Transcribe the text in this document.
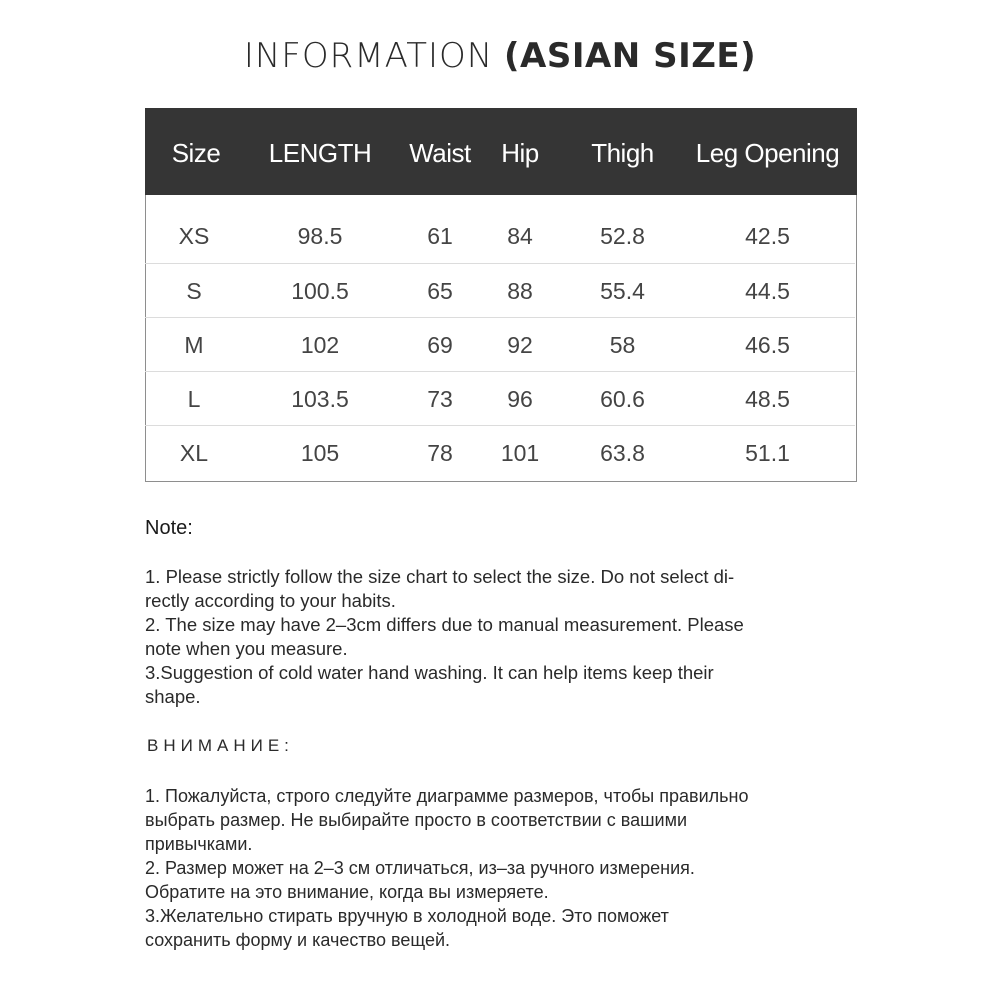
INFORMATION (ASIAN SIZE)
Size	LENGTH	Waist	Hip	Thigh	Leg Opening
XS	98.5	61	84	52.8	42.5
S	100.5	65	88	55.4	44.5
M	102	69	92	58	46.5
L	103.5	73	96	60.6	48.5
XL	105	78	101	63.8	51.1
Note:

1. Please strictly follow the size chart to select the size. Do not select di-

rectly according to your habits.

2. The size may have 2–3cm differs due to manual measurement. Please

note when you measure.

3.Suggestion of cold water hand washing. It can help items keep their

shape.

ВНИМАНИЕ:

1. Пожалуйста, строго следуйте диаграмме размеров, чтобы правильно

выбрать размер. Не выбирайте просто в соответствии с вашими

привычками.

2. Размер может на 2–3 см отличаться, из–за ручного измерения.

Обратите на это внимание, когда вы измеряете.

3.Желательно стирать вручную в холодной воде. Это поможет

сохранить форму и качество вещей.
